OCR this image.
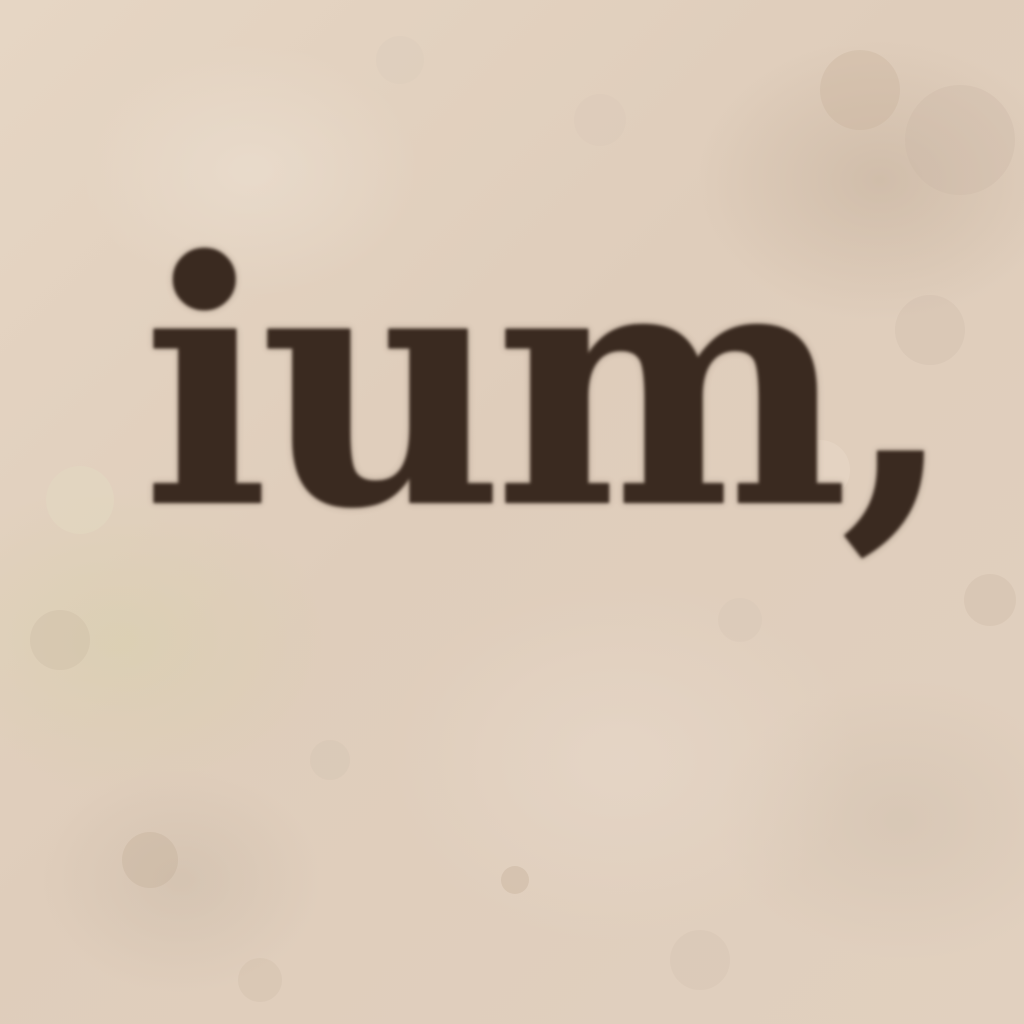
ium,
